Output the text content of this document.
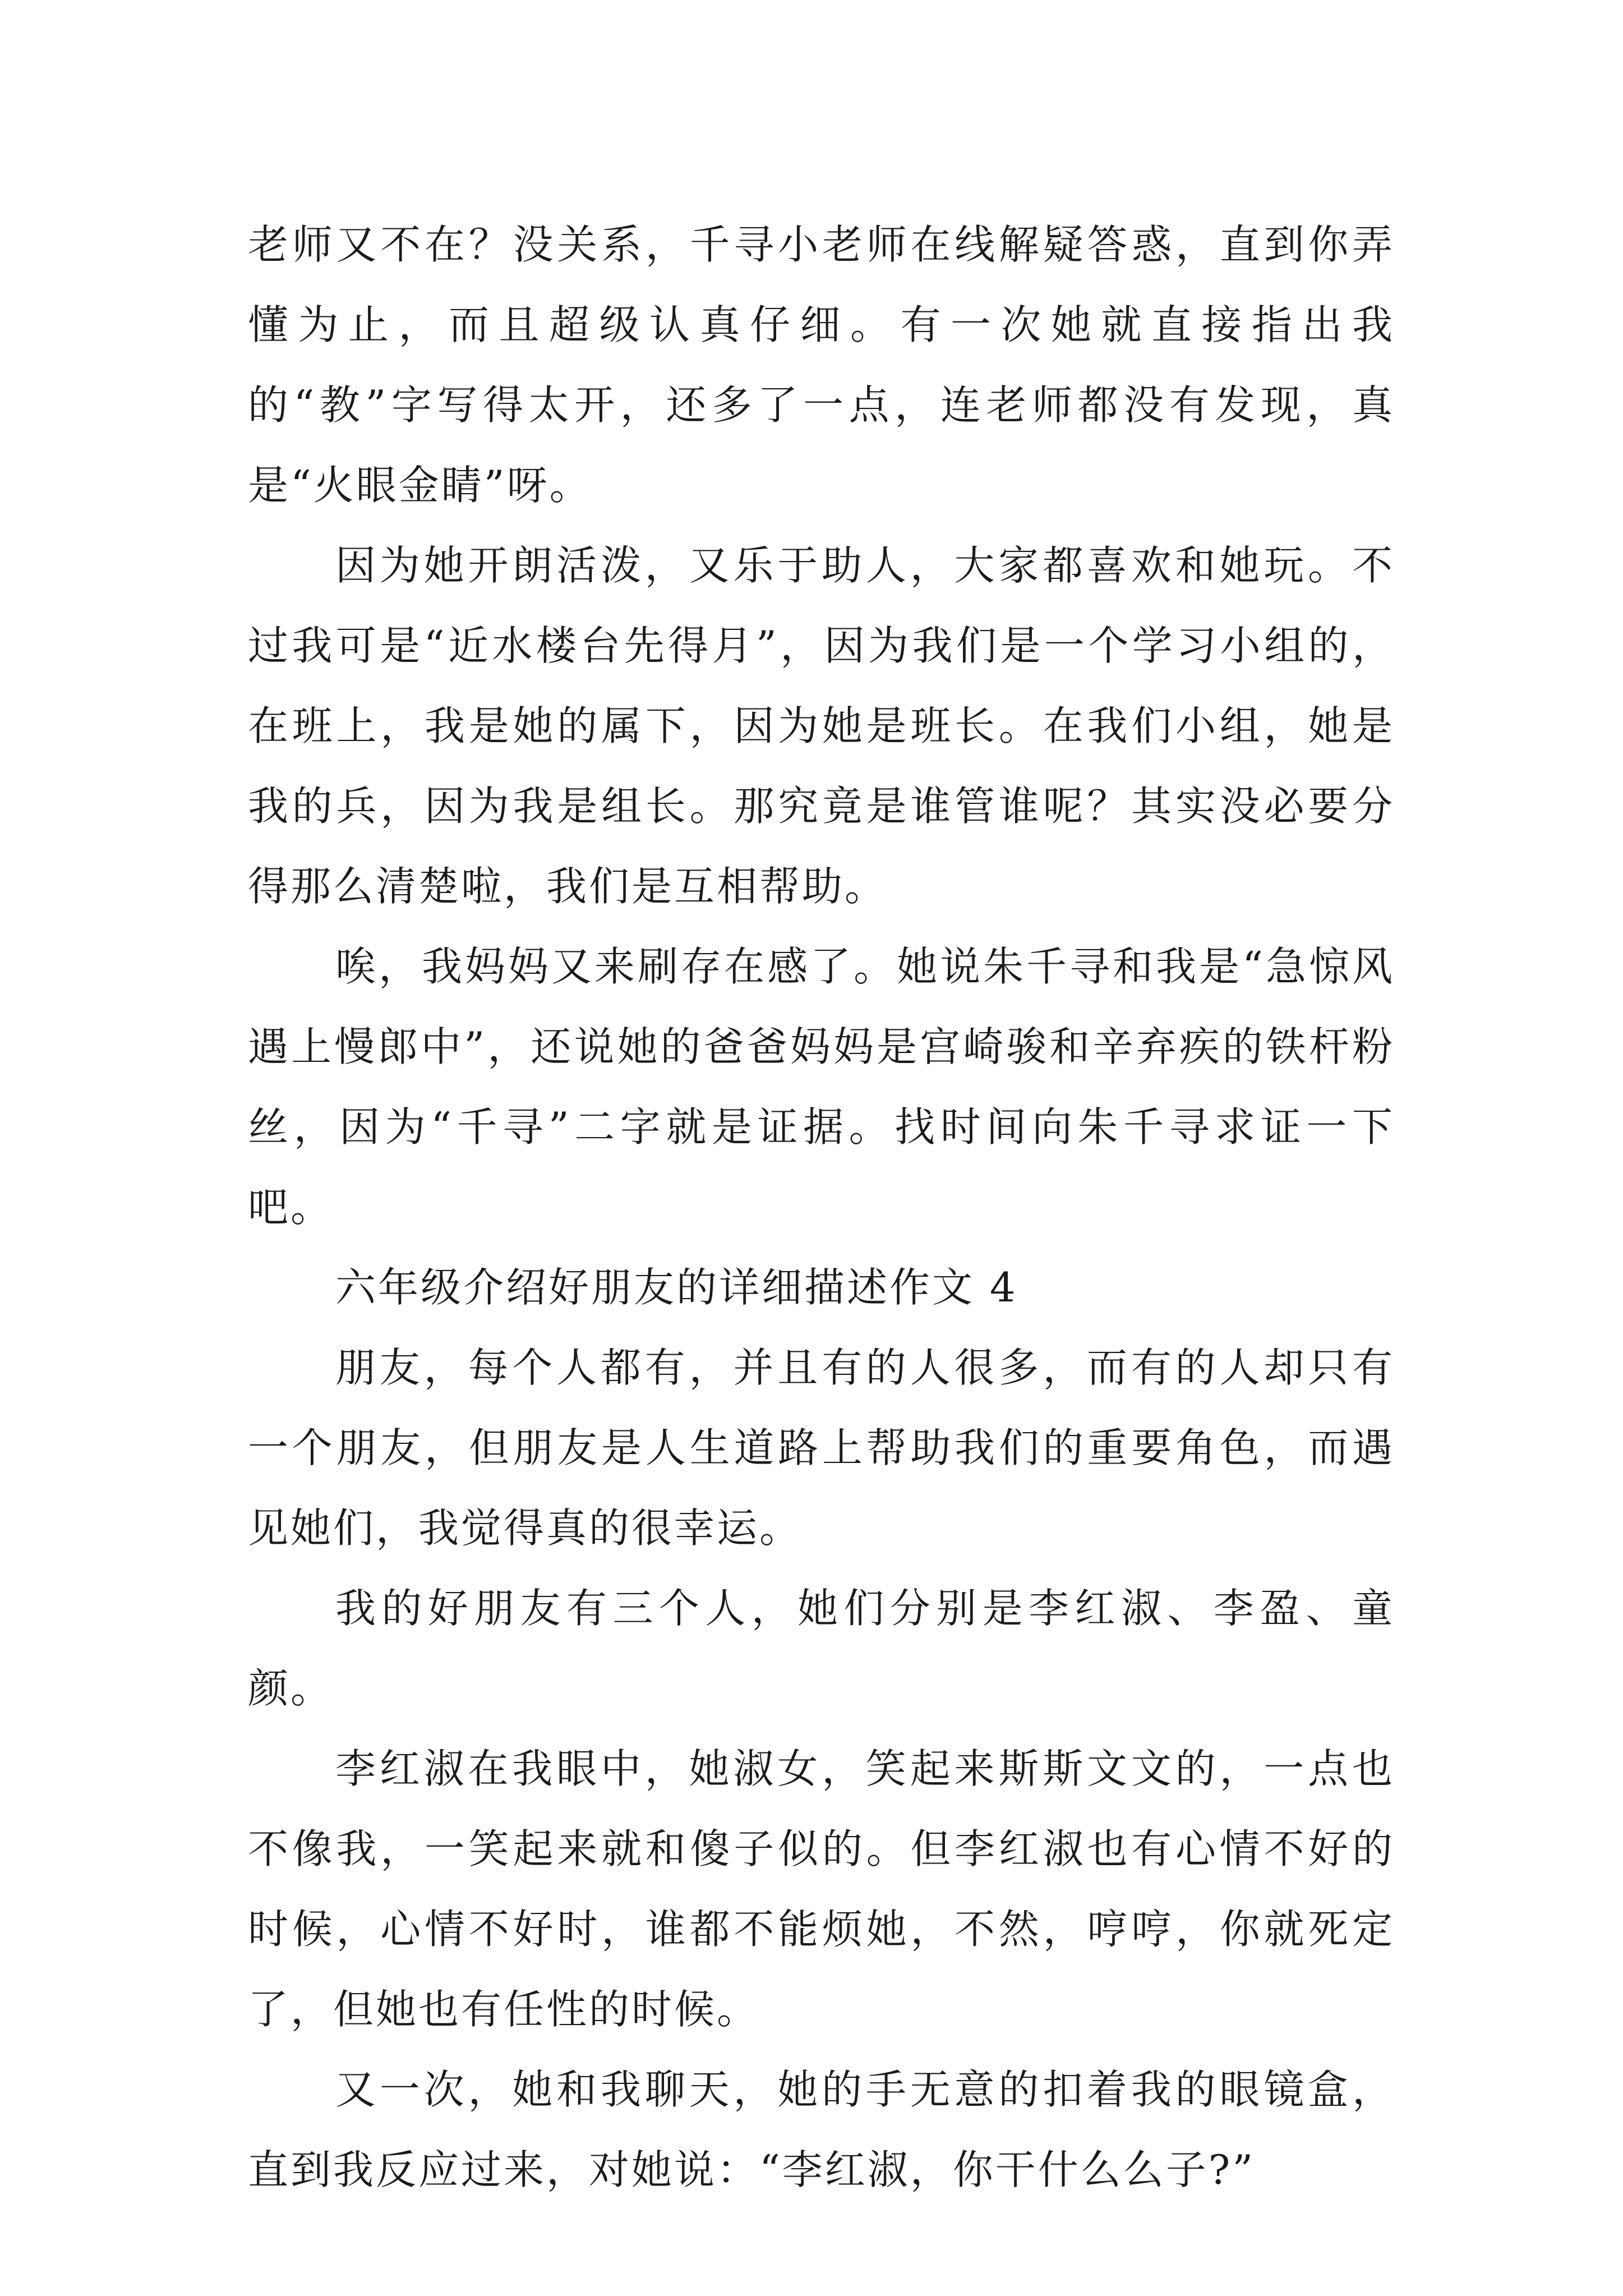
老师又不在？没关系，千寻小老师在线解疑答惑，直到你弄懂为止，而且超级认真仔细。有一次她就直接指出我的“教”字写得太开，还多了一点，连老师都没有发现，真是“火眼金睛”呀。

因为她开朗活泼，又乐于助人，大家都喜欢和她玩。不过我可是“近水楼台先得月”，因为我们是一个学习小组的，在班上，我是她的属下，因为她是班长。在我们小组，她是我的兵，因为我是组长。那究竟是谁管谁呢？其实没必要分得那么清楚啦，我们是互相帮助。

唉，我妈妈又来刷存在感了。她说朱千寻和我是“急惊风遇上慢郎中”，还说她的爸爸妈妈是宫崎骏和辛弃疾的铁杆粉丝，因为“千寻”二字就是证据。找时间向朱千寻求证一下吧。

六年级介绍好朋友的详细描述作文 4

朋友，每个人都有，并且有的人很多，而有的人却只有一个朋友，但朋友是人生道路上帮助我们的重要角色，而遇见她们，我觉得真的很幸运。

我的好朋友有三个人，她们分别是李红淑、李盈、童颜。

李红淑在我眼中，她淑女，笑起来斯斯文文的，一点也不像我，一笑起来就和傻子似的。但李红淑也有心情不好的时候，心情不好时，谁都不能烦她，不然，哼哼，你就死定了，但她也有任性的时候。

又一次，她和我聊天，她的手无意的扣着我的眼镜盒，直到我反应过来，对她说：“李红淑，你干什么么子?”
